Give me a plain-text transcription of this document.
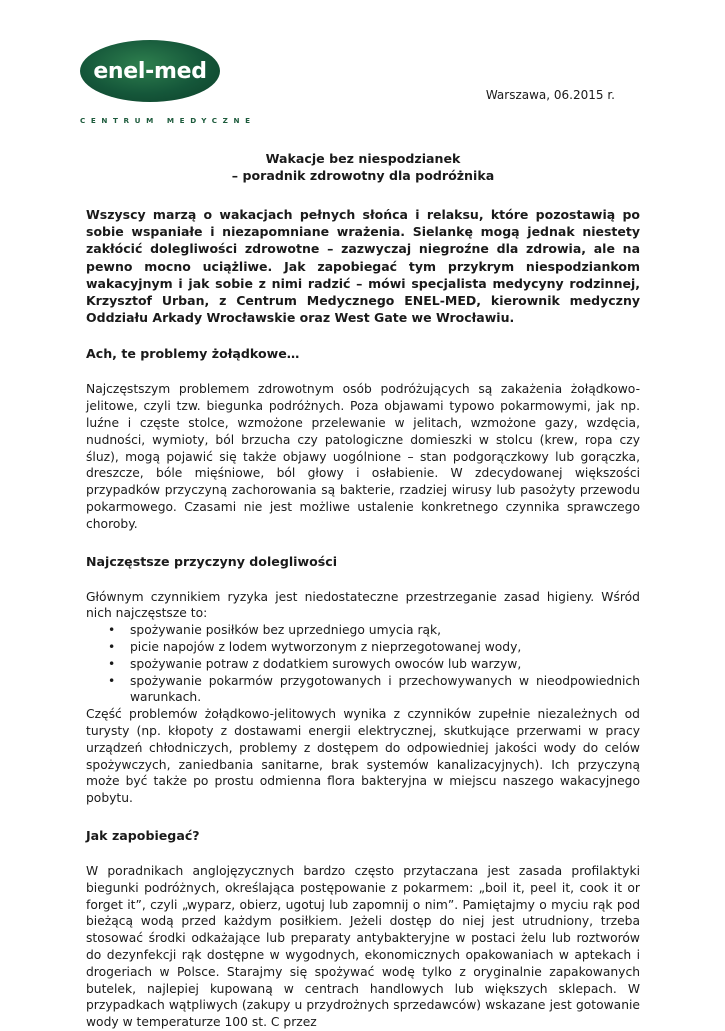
enel-med
CENTRUM MEDYCZNE
Warszawa, 06.2015 r.
Wakacje bez niespodzianek
– poradnik zdrowotny dla podróżnika

Wszyscy marzą o wakacjach pełnych słońca i relaksu, które pozostawią po sobie wspaniałe i niezapomniane wrażenia. Sielankę mogą jednak niestety zakłócić dolegliwości zdrowotne – zazwyczaj niegroźne dla zdrowia, ale na pewno mocno uciążliwe. Jak zapobiegać tym przykrym niespodziankom wakacyjnym i jak sobie z nimi radzić – mówi specjalista medycyny rodzinnej, Krzysztof Urban, z Centrum Medycznego ENEL-MED, kierownik medyczny Oddziału Arkady Wrocławskie oraz West Gate we Wrocławiu.

Ach, te problemy żołądkowe…

Najczęstszym problemem zdrowotnym osób podróżujących są zakażenia żołądkowo-jelitowe, czyli tzw. biegunka podróżnych. Poza objawami typowo pokarmowymi, jak np. luźne i częste stolce, wzmożone przelewanie w jelitach, wzmożone gazy, wzdęcia, nudności, wymioty, ból brzucha czy patologiczne domieszki w stolcu (krew, ropa czy śluz), mogą pojawić się także objawy uogólnione – stan podgorączkowy lub gorączka, dreszcze, bóle mięśniowe, ból głowy i osłabienie. W zdecydowanej większości przypadków przyczyną zachorowania są bakterie, rzadziej wirusy lub pasożyty przewodu pokarmowego. Czasami nie jest możliwe ustalenie konkretnego czynnika sprawczego choroby.

Najczęstsze przyczyny dolegliwości

Głównym czynnikiem ryzyka jest niedostateczne przestrzeganie zasad higieny. Wśród nich najczęstsze to:

• spożywanie posiłków bez uprzedniego umycia rąk,
• picie napojów z lodem wytworzonym z nieprzegotowanej wody,
• spożywanie potraw z dodatkiem surowych owoców lub warzyw,
• spożywanie pokarmów przygotowanych i przechowywanych w nieodpowiednich warunkach.

Część problemów żołądkowo-jelitowych wynika z czynników zupełnie niezależnych od turysty (np. kłopoty z dostawami energii elektrycznej, skutkujące przerwami w pracy urządzeń chłodniczych, problemy z dostępem do odpowiedniej jakości wody do celów spożywczych, zaniedbania sanitarne, brak systemów kanalizacyjnych). Ich przyczyną może być także po prostu odmienna flora bakteryjna w miejscu naszego wakacyjnego pobytu.

Jak zapobiegać?

W poradnikach anglojęzycznych bardzo często przytaczana jest zasada profilaktyki biegunki podróżnych, określająca postępowanie z pokarmem: „boil it, peel it, cook it or forget it”, czyli „wyparz, obierz, ugotuj lub zapomnij o nim”. Pamiętajmy o myciu rąk pod bieżącą wodą przed każdym posiłkiem. Jeżeli dostęp do niej jest utrudniony, trzeba stosować środki odkażające lub preparaty antybakteryjne w postaci żelu lub roztworów do dezynfekcji rąk dostępne w wygodnych, ekonomicznych opakowaniach w aptekach i drogeriach w Polsce. Starajmy się spożywać wodę tylko z oryginalnie zapakowanych butelek, najlepiej kupowaną w centrach handlowych lub większych sklepach. W przypadkach wątpliwych (zakupy u przydrożnych sprzedawców) wskazane jest gotowanie wody w temperaturze 100 st. C przez
